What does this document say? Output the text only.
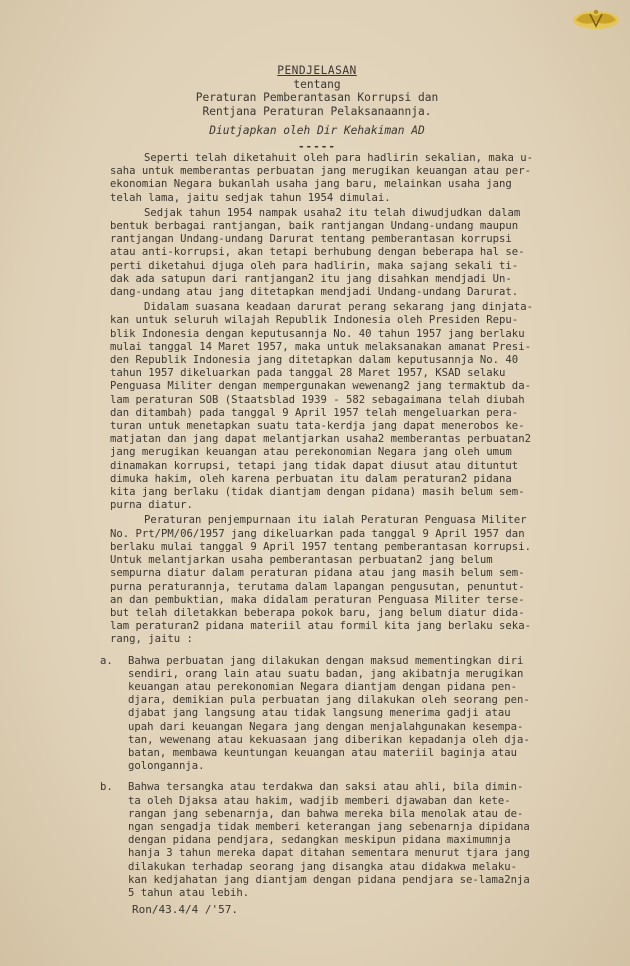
PENDJELASAN
tentang
Peraturan Pemberantasan Korrupsi dan
Rentjana Peraturan Pelaksanaannja.
Diutjapkan oleh Dir Kehakiman AD
-----
Seperti telah diketahuit oleh para hadlirin sekalian, maka u-
saha untuk memberantas perbuatan jang merugikan keuangan atau per-
ekonomian Negara bukanlah usaha jang baru, melainkan usaha jang
telah lama, jaitu sedjak tahun 1954 dimulai.
Sedjak tahun 1954 nampak usaha2 itu telah diwudjudkan dalam
bentuk berbagai rantjangan, baik rantjangan Undang-undang maupun
rantjangan Undang-undang Darurat tentang pemberantasan korrupsi
atau anti-korrupsi, akan tetapi berhubung dengan beberapa hal se-
perti diketahui djuga oleh para hadlirin, maka sajang sekali ti-
dak ada satupun dari rantjangan2 itu jang disahkan mendjadi Un-
dang-undang atau jang ditetapkan mendjadi Undang-undang Darurat.
Didalam suasana keadaan darurat perang sekarang jang dinjata-
kan untuk seluruh wilajah Republik Indonesia oleh Presiden Repu-
blik Indonesia dengan keputusannja No. 40 tahun 1957 jang berlaku
mulai tanggal 14 Maret 1957, maka untuk melaksanakan amanat Presi-
den Republik Indonesia jang ditetapkan dalam keputusannja No. 40
tahun 1957 dikeluarkan pada tanggal 28 Maret 1957, KSAD selaku
Penguasa Militer dengan mempergunakan wewenang2 jang termaktub da-
lam peraturan SOB (Staatsblad 1939 - 582 sebagaimana telah diubah
dan ditambah) pada tanggal 9 April 1957 telah mengeluarkan pera-
turan untuk menetapkan suatu tata-kerdja jang dapat menerobos ke-
matjatan dan jang dapat melantjarkan usaha2 memberantas perbuatan2
jang merugikan keuangan atau perekonomian Negara jang oleh umum
dinamakan korrupsi, tetapi jang tidak dapat diusut atau dituntut
dimuka hakim, oleh karena perbuatan itu dalam peraturan2 pidana
kita jang berlaku (tidak diantjam dengan pidana) masih belum sem-
purna diatur.
Peraturan penjempurnaan itu ialah Peraturan Penguasa Militer
No. Prt/PM/06/1957 jang dikeluarkan pada tanggal 9 April 1957 dan
berlaku mulai tanggal 9 April 1957 tentang pemberantasan korrupsi.
Untuk melantjarkan usaha pemberantasan perbuatan2 jang belum
sempurna diatur dalam peraturan pidana atau jang masih belum sem-
purna peraturannja, terutama dalam lapangan pengusutan, penuntut-
an dan pembuktian, maka didalam peraturan Penguasa Militer terse-
but telah diletakkan beberapa pokok baru, jang belum diatur dida-
lam peraturan2 pidana materiil atau formil kita jang berlaku seka-
rang, jaitu :
a. Bahwa perbuatan jang dilakukan dengan maksud mementingkan diri
sendiri, orang lain atau suatu badan, jang akibatnja merugikan
keuangan atau perekonomian Negara diantjam dengan pidana pen-
djara, demikian pula perbuatan jang dilakukan oleh seorang pen-
djabat jang langsung atau tidak langsung menerima gadji atau
upah dari keuangan Negara jang dengan menjalahgunakan kesempa-
tan, wewenang atau kekuasaan jang diberikan kepadanja oleh dja-
batan, membawa keuntungan keuangan atau materiil baginja atau
golongannja.
b. Bahwa tersangka atau terdakwa dan saksi atau ahli, bila dimin-
ta oleh Djaksa atau hakim, wadjib memberi djawaban dan kete-
rangan jang sebenarnja, dan bahwa mereka bila menolak atau de-
ngan sengadja tidak memberi keterangan jang sebenarnja dipidana
dengan pidana pendjara, sedangkan meskipun pidana maximumnja
hanja 3 tahun mereka dapat ditahan sementara menurut tjara jang
dilakukan terhadap seorang jang disangka atau didakwa melaku-
kan kedjahatan jang diantjam dengan pidana pendjara se-lama2nja
5 tahun atau lebih.
Ron/43.4/4 /'57.
